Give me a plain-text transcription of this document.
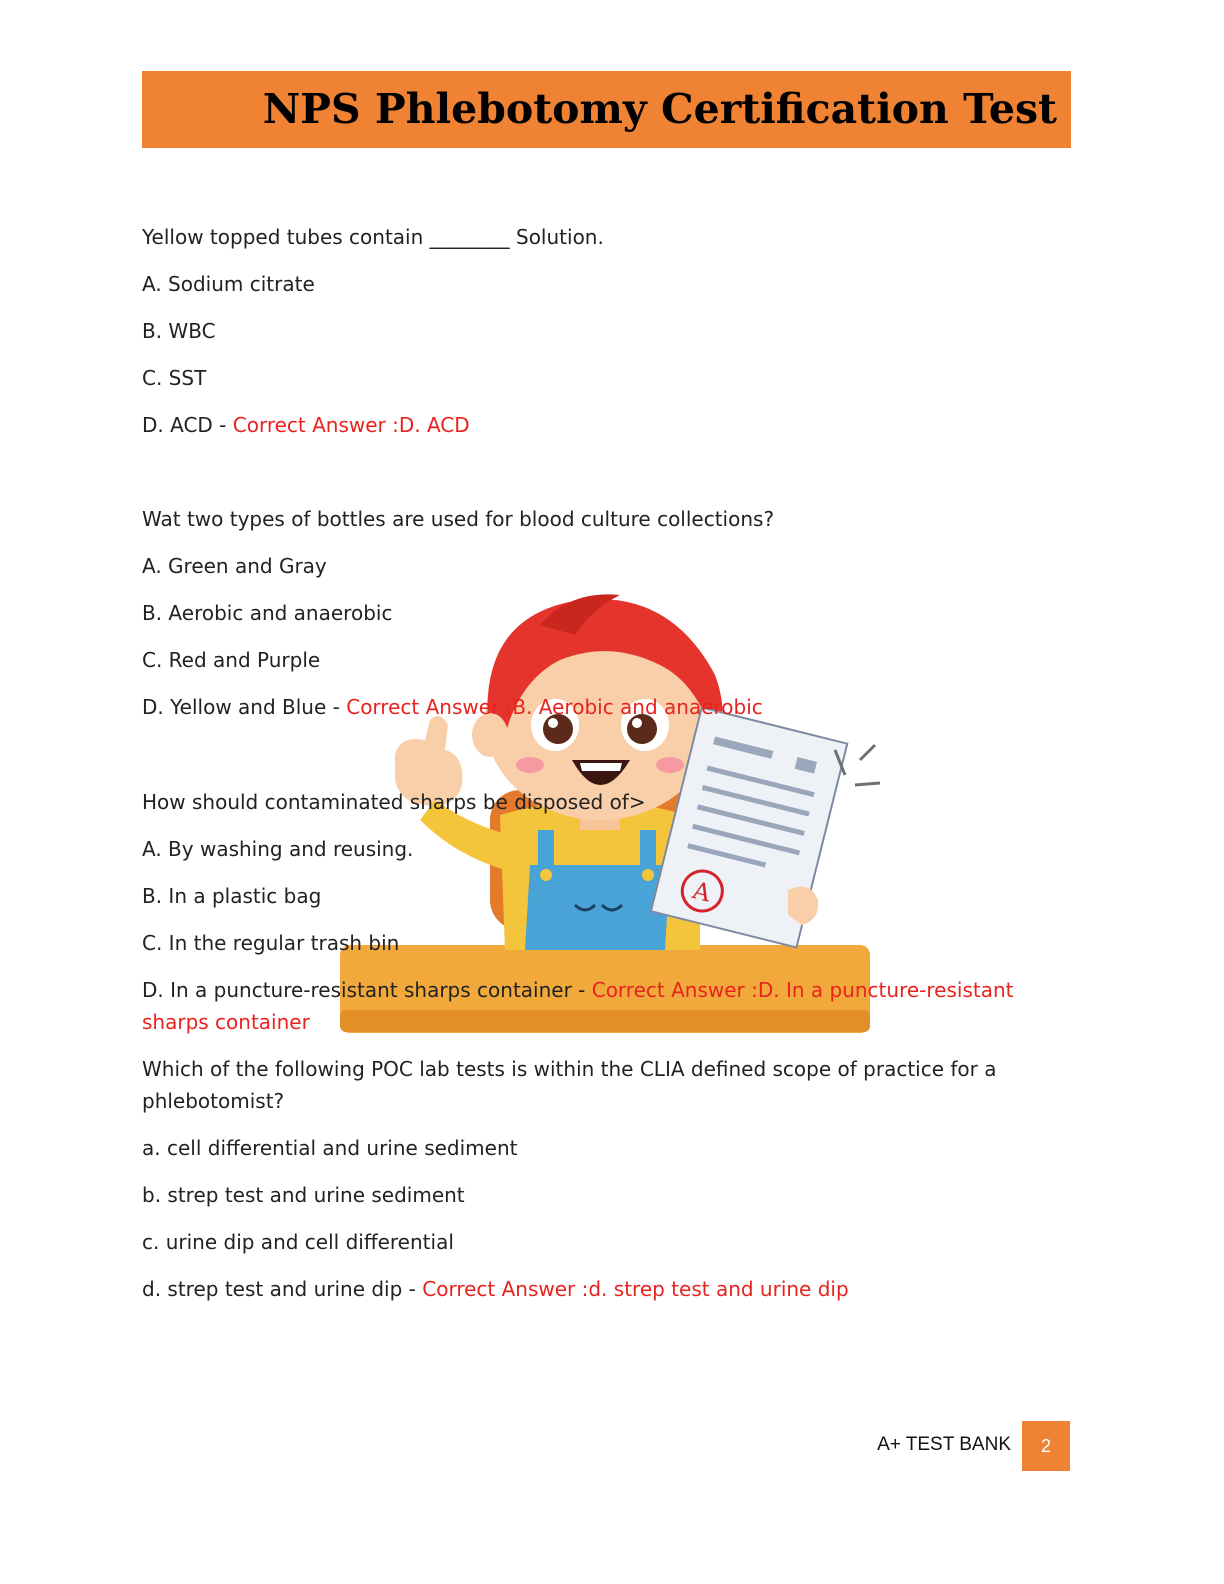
NPS Phlebotomy Certification Test
A

Yellow topped tubes contain ________ Solution.

A. Sodium citrate

B. WBC

C. SST

D. ACD - Correct Answer :D. ACD

Wat two types of bottles are used for blood culture collections?

A. Green and Gray

B. Aerobic and anaerobic

C. Red and Purple

D. Yellow and Blue - Correct Answer :B. Aerobic and anaerobic

How should contaminated sharps be disposed of>

A. By washing and reusing.

B. In a plastic bag

C. In the regular trash bin

D. In a puncture-resistant sharps container - Correct Answer :D. In a puncture-resistant sharps container

Which of the following POC lab tests is within the CLIA defined scope of practice for a phlebotomist?

a. cell differential and urine sediment

b. strep test and urine sediment

c. urine dip and cell differential

d. strep test and urine dip - Correct Answer :d. strep test and urine dip

A+ TEST BANK	2
